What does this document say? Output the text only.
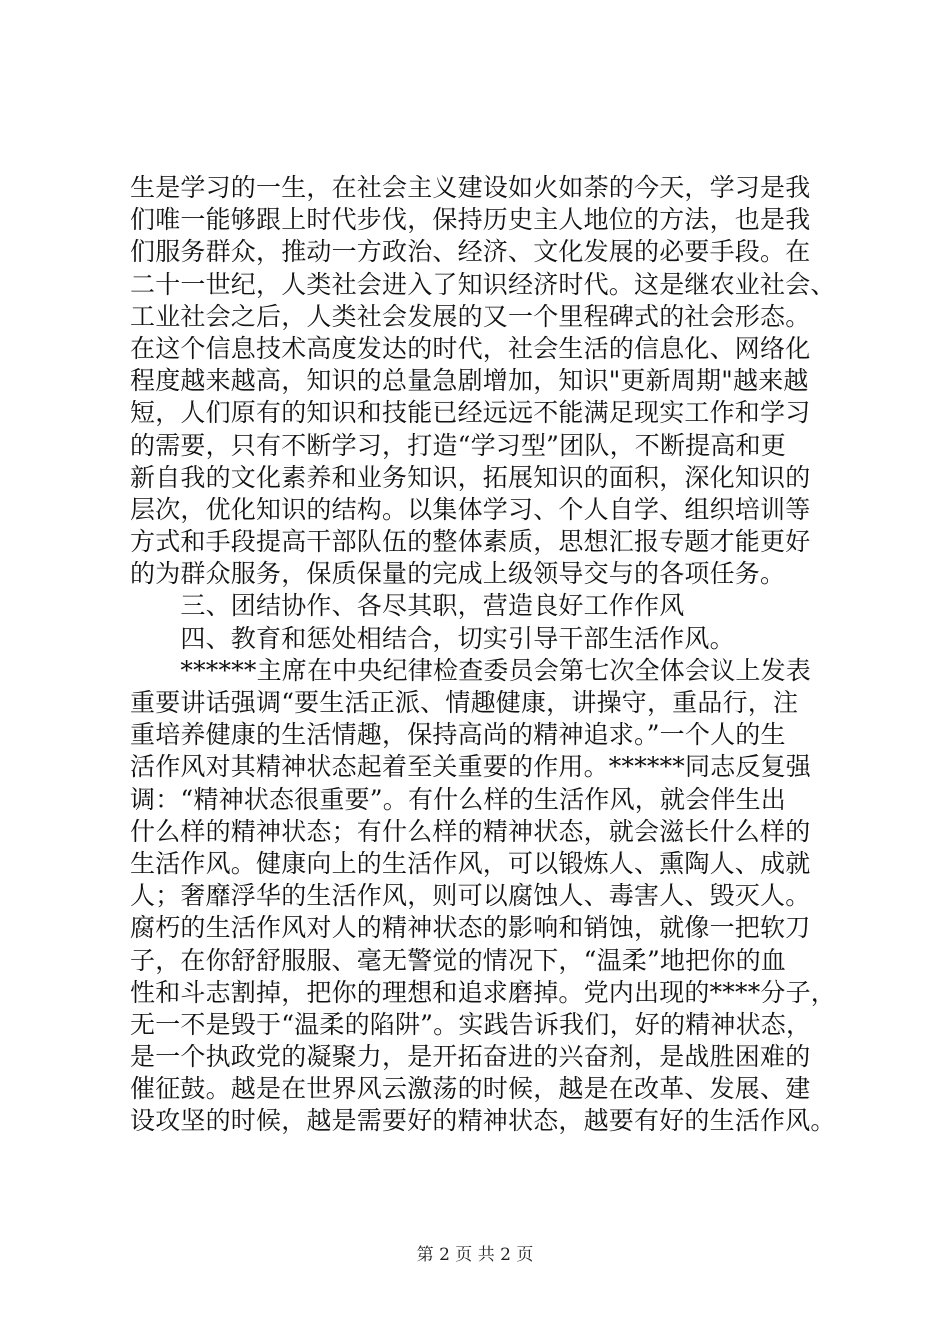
生是学习的一生，在社会主义建设如火如荼的今天，学习是我
们唯一能够跟上时代步伐，保持历史主人地位的方法，也是我
们服务群众，推动一方政治、经济、文化发展的必要手段。在
二十一世纪，人类社会进入了知识经济时代。这是继农业社会、
工业社会之后，人类社会发展的又一个里程碑式的社会形态。
在这个信息技术高度发达的时代，社会生活的信息化、网络化
程度越来越高，知识的总量急剧增加，知识"更新周期"越来越
短，人们原有的知识和技能已经远远不能满足现实工作和学习
的需要，只有不断学习，打造“学习型”团队，不断提高和更
新自我的文化素养和业务知识，拓展知识的面积，深化知识的
层次，优化知识的结构。以集体学习、个人自学、组织培训等
方式和手段提高干部队伍的整体素质，思想汇报专题才能更好
的为群众服务，保质保量的完成上级领导交与的各项任务。
　　三、团结协作、各尽其职，营造良好工作作风
　　四、教育和惩处相结合，切实引导干部生活作风。
　　******主席在中央纪律检查委员会第七次全体会议上发表
重要讲话强调“要生活正派、情趣健康，讲操守，重品行，注
重培养健康的生活情趣，保持高尚的精神追求。”一个人的生
活作风对其精神状态起着至关重要的作用。******同志反复强
调：“精神状态很重要”。有什么样的生活作风，就会伴生出
什么样的精神状态；有什么样的精神状态，就会滋长什么样的
生活作风。健康向上的生活作风，可以锻炼人、熏陶人、成就
人；奢靡浮华的生活作风，则可以腐蚀人、毒害人、毁灭人。
腐朽的生活作风对人的精神状态的影响和销蚀，就像一把软刀
子，在你舒舒服服、毫无警觉的情况下，“温柔”地把你的血
性和斗志割掉，把你的理想和追求磨掉。党内出现的****分子，
无一不是毁于“温柔的陷阱”。实践告诉我们，好的精神状态，
是一个执政党的凝聚力，是开拓奋进的兴奋剂，是战胜困难的
催征鼓。越是在世界风云激荡的时候，越是在改革、发展、建
设攻坚的时候，越是需要好的精神状态，越要有好的生活作风。
第 2 页 共 2 页
